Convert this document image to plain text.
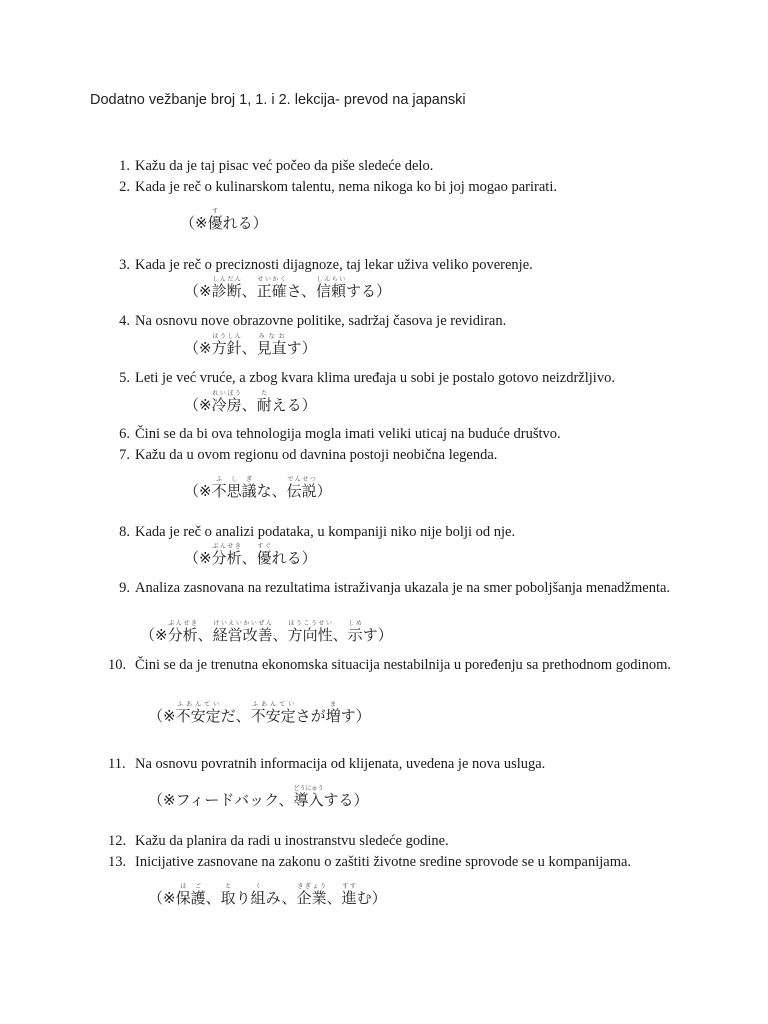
Dodatno vežbanje broj 1, 1. i 2. lekcija- prevod na japanski
1. Kažu da je taj pisac već počeo da piše sledeće delo.
2. Kada je reč o kulinarskom talentu, nema nikoga ko bi joj mogao parirati.
（※優すれる）
3. Kada je reč o preciznosti dijagnoze, taj lekar uživa veliko poverenje.
（※診断しんだん、正確せいかくさ、信頼しんらいする）
4. Na osnovu nove obrazovne politike, sadržaj časova je revidiran.
（※方針ほうしん、見直みなおす）
5. Leti je već vruće, a zbog kvara klima uređaja u sobi je postalo gotovo neizdržljivo.
（※冷房れいぼう、耐たえる）
6. Čini se da bi ova tehnologija mogla imati veliki uticaj na buduće društvo.
7. Kažu da u ovom regionu od davnina postoji neobična legenda.
（※不思議ふしぎな、伝説でんせつ）
8. Kada je reč o analizi podataka, u kompaniji niko nije bolji od nje.
（※分析ぶんせき、優すぐれる）
9. Analiza zasnovana na rezultatima istraživanja ukazala je na smer poboljšanja menadžmenta.
（※分析ぶんせき、経営改善けいえいかいぜん、方向性ほうこうせい、示しめす）
10. Čini se da je trenutna ekonomska situacija nestabilnija u poređenju sa prethodnom godinom.
（※不安定ふあんていだ、不安定ふあんていさが増ます）
11. Na osnovu povratnih informacija od klijenata, uvedena je nova usluga.
（※フィードバック、導入どうにゅうする）
12. Kažu da planira da radi u inostranstvu sledeće godine.
13. Inicijative zasnovane na zakonu o zaštiti životne sredine sprovode se u kompanijama.
（※保護ほご、取とり組くみ、企業きぎょう、進すすむ）
